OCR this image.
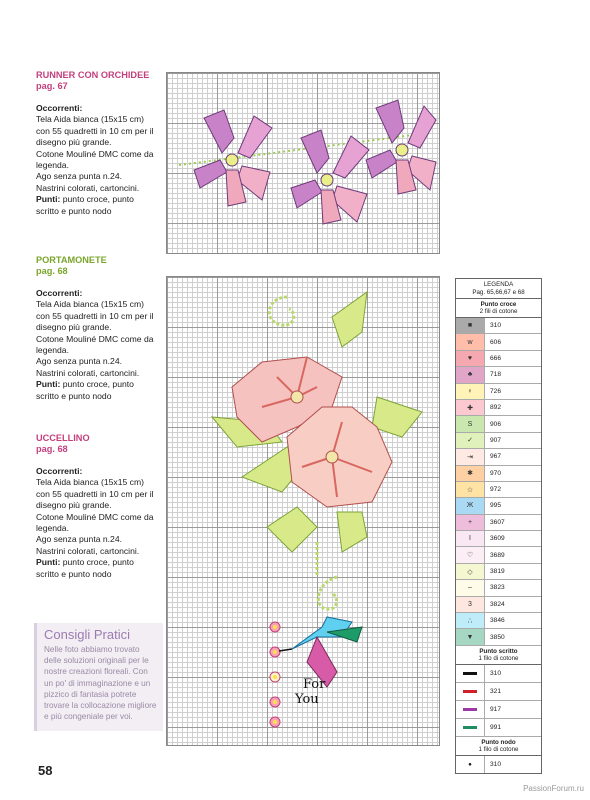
RUNNER CON ORCHIDEE
pag. 67

Occorrenti:

Tela Aida bianca (15x15 cm)

con 55 quadretti in 10 cm per il

disegno più grande.

Cotone Mouliné DMC come da

legenda.

Ago senza punta n.24.

Nastrini colorati, cartoncini.

Punti: punto croce, punto scritto e punto nodo

PORTAMONETE
pag. 68

Occorrenti:

Tela Aida bianca (15x15 cm)

con 55 quadretti in 10 cm per il

disegno più grande.

Cotone Mouliné DMC come da

legenda.

Ago senza punta n.24.

Nastrini colorati, cartoncini.

Punti: punto croce, punto scritto e punto nodo

UCCELLINO
pag. 68

Occorrenti:

Tela Aida bianca (15x15 cm)

con 55 quadretti in 10 cm per il

disegno più grande.

Cotone Mouliné DMC come da

legenda.

Ago senza punta n.24.

Nastrini colorati, cartoncini.

Punti: punto croce, punto scritto e punto nodo

Consigli Pratici

Nelle foto abbiamo trovato delle soluzioni originali per le nostre creazioni floreali. Con un po' di immaginazione e un pizzico di fantasia potrete trovare la collocazione migliore e più congeniale per voi.

For
You
LEGENDA
Pag. 65,66,67 e 68
Punto croce
2 fili di cotone
■	310
w	606
♥	666
♣	718
♀	726
✚	892
S	906
✓	907
⇥	967
✱	970
☆	972
Ж	995
+	3607
I	3609
♡	3689
◇	3819
–	3823
3	3824
∴	3846
▼	3850
Punto scritto
1 filo di cotone
310
321
917
991
Punto nodo
1 filo di cotone
●	310
58
PassionForum.ru
